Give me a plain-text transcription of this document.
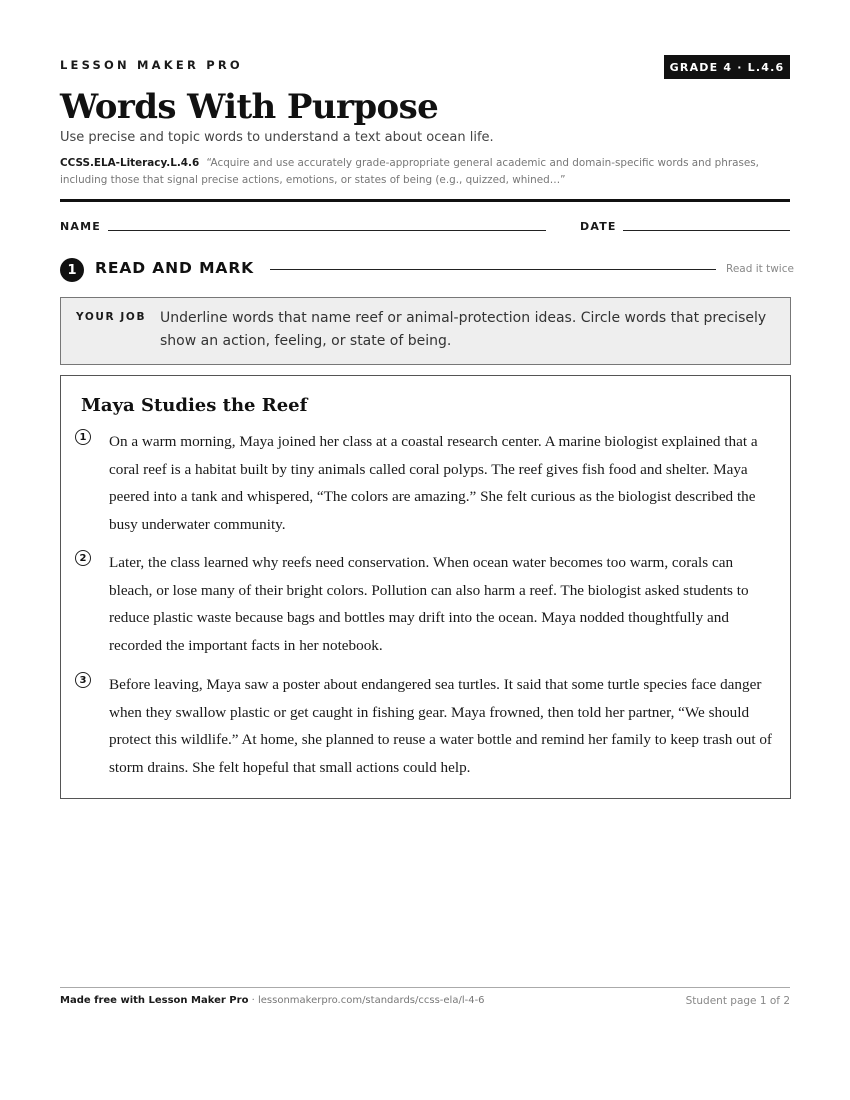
LESSON MAKER PRO	GRADE 4 · L.4.6
Words With Purpose
Use precise and topic words to understand a text about ocean life.
CCSS.ELA-Literacy.L.4.6 “Acquire and use accurately grade-appropriate general academic and domain-specific words and phrases, including those that signal precise actions, emotions, or states of being (e.g., quizzed, whined…”
NAME	DATE
1	READ AND MARK	Read it twice
YOUR JOB Underline words that name reef or animal-protection ideas. Circle words that precisely show an action, feeling, or state of being.
Maya Studies the Reef
1 On a warm morning, Maya joined her class at a coastal research center. A marine biologist explained that a coral reef is a habitat built by tiny animals called coral polyps. The reef gives fish food and shelter. Maya peered into a tank and whispered, “The colors are amazing.” She felt curious as the biologist described the busy underwater community.

2 Later, the class learned why reefs need conservation. When ocean water becomes too warm, corals can bleach, or lose many of their bright colors. Pollution can also harm a reef. The biologist asked students to reduce plastic waste because bags and bottles may drift into the ocean. Maya nodded thoughtfully and recorded the important facts in her notebook.

3 Before leaving, Maya saw a poster about endangered sea turtles. It said that some turtle species face danger when they swallow plastic or get caught in fishing gear. Maya frowned, then told her partner, “We should protect this wildlife.” At home, she planned to reuse a water bottle and remind her family to keep trash out of storm drains. She felt hopeful that small actions could help.

Made free with Lesson Maker Pro · lessonmakerpro.com/standards/ccss-ela/l-4-6	Student page 1 of 2
